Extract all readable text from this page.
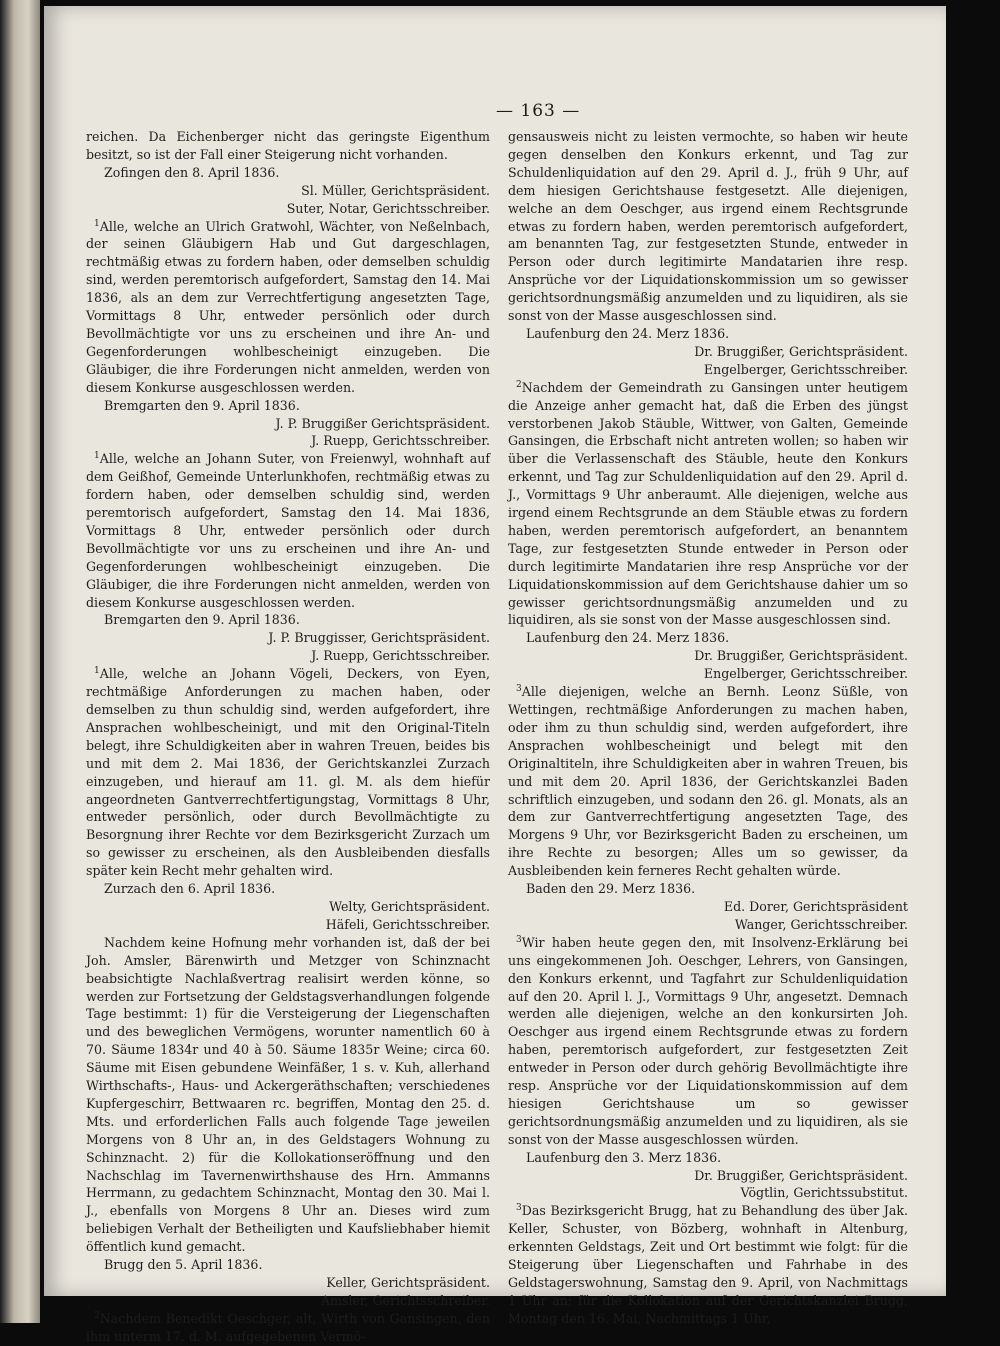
— 163 —

reichen. Da Eichenberger nicht das geringste Eigenthum besitzt, so ist der Fall einer Steigerung nicht vorhanden.

Zofingen den 8. April 1836.

Sl. Müller, Gerichtspräsident.

Suter, Notar, Gerichtsschreiber.

$^1$Alle, welche an Ulrich Gratwohl, Wächter, von Neßelnbach, der seinen Gläubigern Hab und Gut dargeschlagen, rechtmäßig etwas zu fordern haben, oder demselben schuldig sind, werden peremtorisch aufgefordert, Samstag den 14. Mai 1836, als an dem zur Verrechtfertigung angesetzten Tage, Vormittags 8 Uhr, entweder persönlich oder durch Bevollmächtigte vor uns zu erscheinen und ihre An- und Gegenforderungen wohlbescheinigt einzugeben. Die Gläubiger, die ihre Forderungen nicht anmelden, werden von diesem Konkurse ausgeschlossen werden.

Bremgarten den 9. April 1836.

J. P. Bruggißer Gerichtspräsident.

J. Ruepp, Gerichtsschreiber.

$^1$Alle, welche an Johann Suter, von Freienwyl, wohnhaft auf dem Geißhof, Gemeinde Unterlunkhofen, rechtmäßig etwas zu fordern haben, oder demselben schuldig sind, werden peremtorisch aufgefordert, Samstag den 14. Mai 1836, Vormittags 8 Uhr, entweder persönlich oder durch Bevollmächtigte vor uns zu erscheinen und ihre An- und Gegenforderungen wohlbescheinigt einzugeben. Die Gläubiger, die ihre Forderungen nicht anmelden, werden von diesem Konkurse ausgeschlossen werden.

Bremgarten den 9. April 1836.

J. P. Bruggisser, Gerichtspräsident.

J. Ruepp, Gerichtsschreiber.

$^1$Alle, welche an Johann Vögeli, Deckers, von Eyen, rechtmäßige Anforderungen zu machen haben, oder demselben zu thun schuldig sind, werden aufgefordert, ihre Ansprachen wohlbescheinigt, und mit den Original-Titeln belegt, ihre Schuldigkeiten aber in wahren Treuen, beides bis und mit dem 2. Mai 1836, der Gerichtskanzlei Zurzach einzugeben, und hierauf am 11. gl. M. als dem hiefür angeordneten Gantverrechtfertigungstag, Vormittags 8 Uhr, entweder persönlich, oder durch Bevollmächtigte zu Besorgnung ihrer Rechte vor dem Bezirksgericht Zurzach um so gewisser zu erscheinen, als den Ausbleibenden diesfalls später kein Recht mehr gehalten wird.

Zurzach den 6. April 1836.

Welty, Gerichtspräsident.

Häfeli, Gerichtsschreiber.

Nachdem keine Hofnung mehr vorhanden ist, daß der bei Joh. Amsler, Bärenwirth und Metzger von Schinznacht beabsichtigte Nachlaßvertrag realisirt werden könne, so werden zur Fortsetzung der Geldstagsverhandlungen folgende Tage bestimmt: 1) für die Versteigerung der Liegenschaften und des beweglichen Vermögens, worunter namentlich 60 à 70. Säume 1834r und 40 à 50. Säume 1835r Weine; circa 60. Säume mit Eisen gebundene Weinfäßer, 1 s. v. Kuh, allerhand Wirthschafts-, Haus- und Ackergeräthschaften; verschiedenes Kupfergeschirr, Bettwaaren rc. begriffen, Montag den 25. d. Mts. und erforderlichen Falls auch folgende Tage jeweilen Morgens von 8 Uhr an, in des Geldstagers Wohnung zu Schinznacht. 2) für die Kollokationseröffnung und den Nachschlag im Tavernenwirthshause des Hrn. Ammanns Herrmann, zu gedachtem Schinznacht, Montag den 30. Mai l. J., ebenfalls von Morgens 8 Uhr an. Dieses wird zum beliebigen Verhalt der Betheiligten und Kaufsliebhaber hiemit öffentlich kund gemacht.

Brugg den 5. April 1836.

Keller, Gerichtspräsident.

Amsler, Gerichtsschreiber.

$^2$Nachdem Benedikt Oeschger, alt, Wirth von Gansingen, den ihm unterm 17. d. M. aufgegebenen Vermö-

gensausweis nicht zu leisten vermochte, so haben wir heute gegen denselben den Konkurs erkennt, und Tag zur Schuldenliquidation auf den 29. April d. J., früh 9 Uhr, auf dem hiesigen Gerichtshause festgesetzt. Alle diejenigen, welche an dem Oeschger, aus irgend einem Rechtsgrunde etwas zu fordern haben, werden peremtorisch aufgefordert, am benannten Tag, zur festgesetzten Stunde, entweder in Person oder durch legitimirte Mandatarien ihre resp. Ansprüche vor der Liquidationskommission um so gewisser gerichtsordnungsmäßig anzumelden und zu liquidiren, als sie sonst von der Masse ausgeschlossen sind.

Laufenburg den 24. Merz 1836.

Dr. Bruggißer, Gerichtspräsident.

Engelberger, Gerichtsschreiber.

$^2$Nachdem der Gemeindrath zu Gansingen unter heutigem die Anzeige anher gemacht hat, daß die Erben des jüngst verstorbenen Jakob Stäuble, Wittwer, von Galten, Gemeinde Gansingen, die Erbschaft nicht antreten wollen; so haben wir über die Verlassenschaft des Stäuble, heute den Konkurs erkennt, und Tag zur Schuldenliquidation auf den 29. April d. J., Vormittags 9 Uhr anberaumt. Alle diejenigen, welche aus irgend einem Rechtsgrunde an dem Stäuble etwas zu fordern haben, werden peremtorisch aufgefordert, an benanntem Tage, zur festgesetzten Stunde entweder in Person oder durch legitimirte Mandatarien ihre resp Ansprüche vor der Liquidationskommission auf dem Gerichtshause dahier um so gewisser gerichtsordnungsmäßig anzumelden und zu liquidiren, als sie sonst von der Masse ausgeschlossen sind.

Laufenburg den 24. Merz 1836.

Dr. Bruggißer, Gerichtspräsident.

Engelberger, Gerichtsschreiber.

$^3$Alle diejenigen, welche an Bernh. Leonz Süßle, von Wettingen, rechtmäßige Anforderungen zu machen haben, oder ihm zu thun schuldig sind, werden aufgefordert, ihre Ansprachen wohlbescheinigt und belegt mit den Originaltiteln, ihre Schuldigkeiten aber in wahren Treuen, bis und mit dem 20. April 1836, der Gerichtskanzlei Baden schriftlich einzugeben, und sodann den 26. gl. Monats, als an dem zur Gantverrechtfertigung angesetzten Tage, des Morgens 9 Uhr, vor Bezirksgericht Baden zu erscheinen, um ihre Rechte zu besorgen; Alles um so gewisser, da Ausbleibenden kein ferneres Recht gehalten würde.

Baden den 29. Merz 1836.

Ed. Dorer, Gerichtspräsident

Wanger, Gerichtsschreiber.

$^3$Wir haben heute gegen den, mit Insolvenz-Erklärung bei uns eingekommenen Joh. Oeschger, Lehrers, von Gansingen, den Konkurs erkennt, und Tagfahrt zur Schuldenliquidation auf den 20. April l. J., Vormittags 9 Uhr, angesetzt. Demnach werden alle diejenigen, welche an den konkursirten Joh. Oeschger aus irgend einem Rechtsgrunde etwas zu fordern haben, peremtorisch aufgefordert, zur festgesetzten Zeit entweder in Person oder durch gehörig Bevollmächtigte ihre resp. Ansprüche vor der Liquidationskommission auf dem hiesigen Gerichtshause um so gewisser gerichtsordnungsmäßig anzumelden und zu liquidiren, als sie sonst von der Masse ausgeschlossen würden.

Laufenburg den 3. Merz 1836.

Dr. Bruggißer, Gerichtspräsident.

Vögtlin, Gerichtssubstitut.

$^3$Das Bezirksgericht Brugg, hat zu Behandlung des über Jak. Keller, Schuster, von Bözberg, wohnhaft in Altenburg, erkennten Geldstags, Zeit und Ort bestimmt wie folgt: für die Steigerung über Liegenschaften und Fahrhabe in des Geldstagerswohnung, Samstag den 9. April, von Nachmittags 1 Uhr an; für die Kollokation auf der Gerichtskanzlei Brugg, Montag den 16. Mai, Nachmittags 1 Uhr,
